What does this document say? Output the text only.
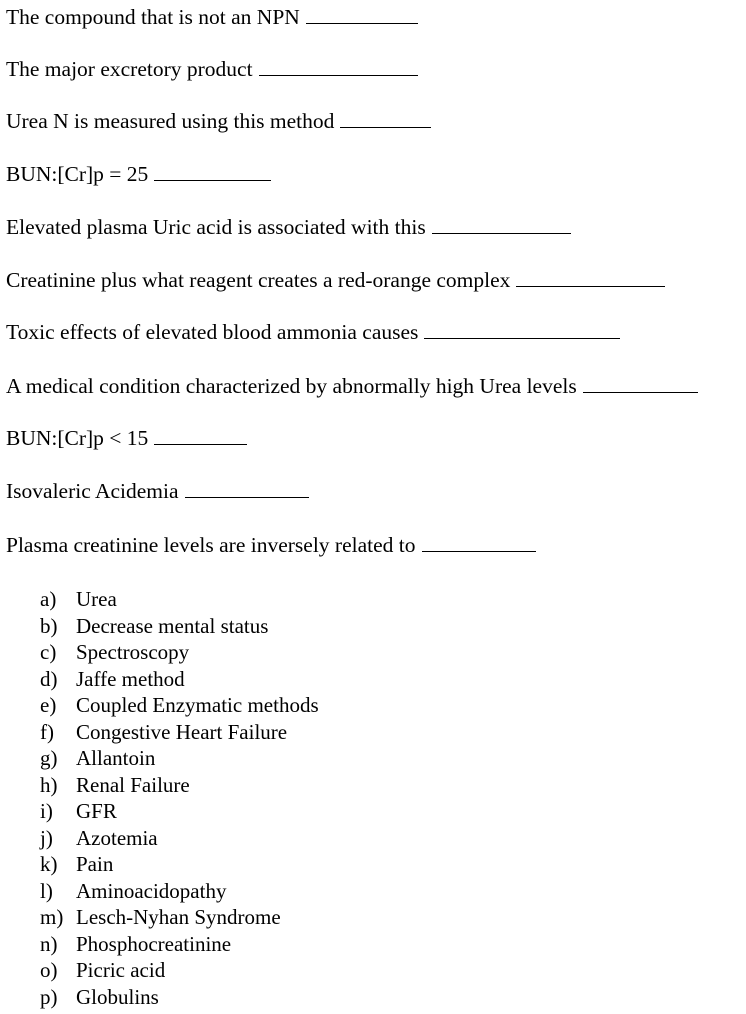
The compound that is not an NPN
The major excretory product
Urea N is measured using this method
BUN:[Cr]p = 25
Elevated plasma Uric acid is associated with this
Creatinine plus what reagent creates a red-orange complex
Toxic effects of elevated blood ammonia causes
A medical condition characterized by abnormally high Urea levels
BUN:[Cr]p < 15
Isovaleric Acidemia
Plasma creatinine levels are inversely related to
a) Urea
b) Decrease mental status
c) Spectroscopy
d) Jaffe method
e) Coupled Enzymatic methods
f) Congestive Heart Failure
g) Allantoin
h) Renal Failure
i) GFR
j) Azotemia
k) Pain
l) Aminoacidopathy
m) Lesch-Nyhan Syndrome
n) Phosphocreatinine
o) Picric acid
p) Globulins
